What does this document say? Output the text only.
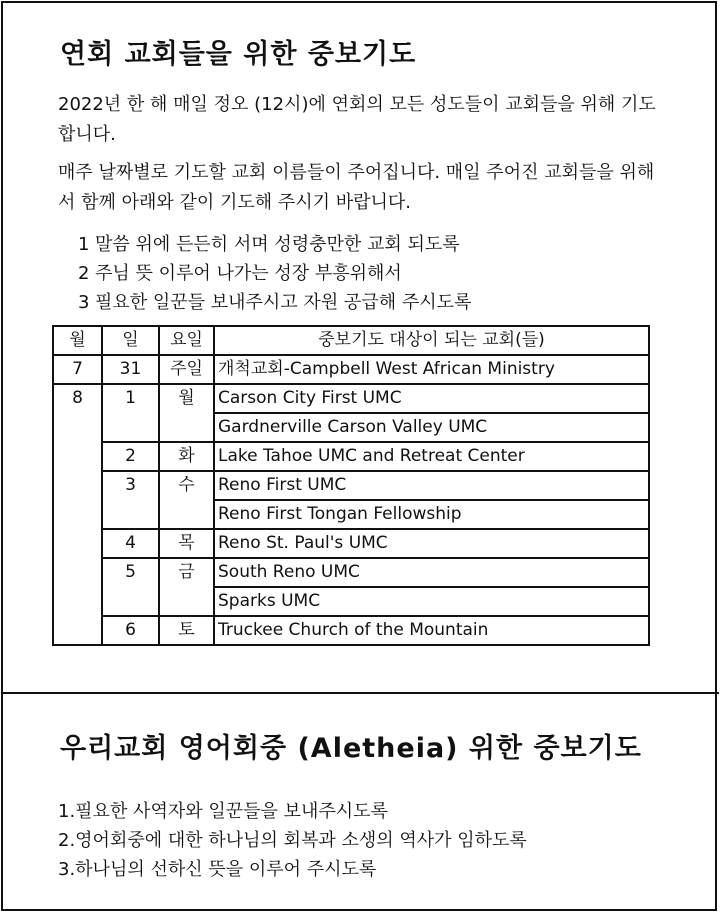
연회 교회들을 위한 중보기도

2022년 한 해 매일 정오 (12시)에 연회의 모든 성도들이 교회들을 위해 기도합니다.

매주 날짜별로 기도할 교회 이름들이 주어집니다. 매일 주어진 교회들을 위해서 함께 아래와 같이 기도해 주시기 바랍니다.

1 말씀 위에 든든히 서며 성령충만한 교회 되도록
2 주님 뜻 이루어 나가는 성장 부흥위해서
3 필요한 일꾼들 보내주시고 자원 공급해 주시도록
월	일	요일	중보기도 대상이 되는 교회(들)
7	31	주일	개척교회-Campbell West African Ministry
8	1	월	Carson City First UMC
			Gardnerville Carson Valley UMC
	2	화	Lake Tahoe UMC and Retreat Center
	3	수	Reno First UMC
			Reno First Tongan Fellowship
	4	목	Reno St. Paul's UMC
	5	금	South Reno UMC
			Sparks UMC
	6	토	Truckee Church of the Mountain
우리교회 영어회중 (Aletheia) 위한 중보기도
1.필요한 사역자와 일꾼들을 보내주시도록
2.영어회중에 대한 하나님의 회복과 소생의 역사가 임하도록
3.하나님의 선하신 뜻을 이루어 주시도록
